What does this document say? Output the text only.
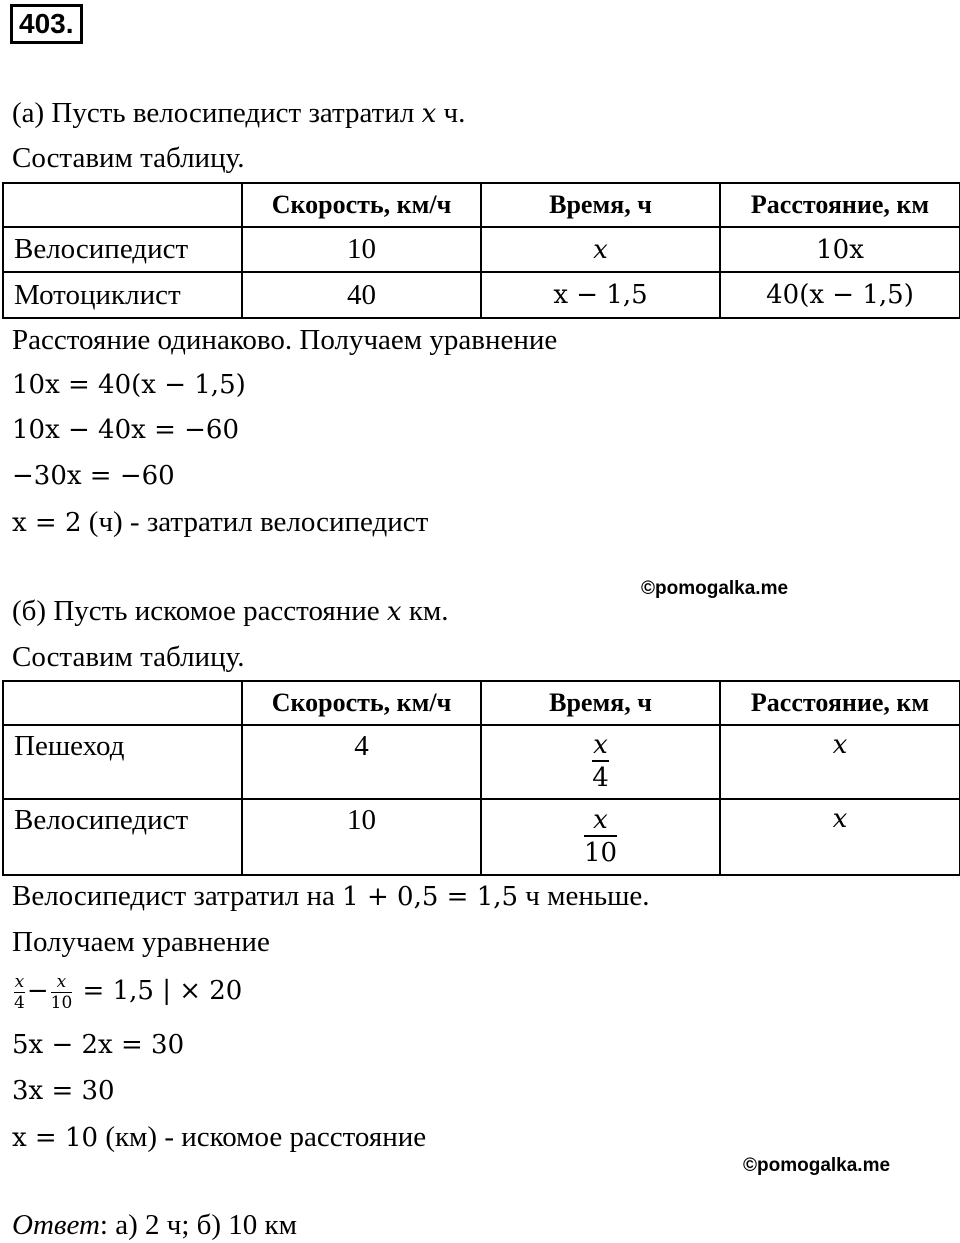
403.
(а) Пусть велосипедист затратил x ч.
Составим таблицу.
	Скорость, км/ч	Время, ч	Расстояние, км
Велосипедист	10	x	10x
Мотоциклист	40	x − 1,5	40(x − 1,5)
Расстояние одинаково. Получаем уравнение
10x = 40(x − 1,5)
10x − 40x = −60
−30x = −60
x = 2 (ч) - затратил велосипедист
©pomogalka.me
(б) Пусть искомое расстояние x км.
Составим таблицу.
	Скорость, км/ч	Время, ч	Расстояние, км
Пешеход	4	$\frac{x}{4}$	x
Велосипедист	10	$\frac{x}{10}$	x
Велосипедист затратил на 1 + 0,5 = 1,5 ч меньше.
Получаем уравнение
$\frac{x}{4} - \frac{x}{10} = 1,5$ | × 20
5x − 2x = 30
3x = 30
x = 10 (км) - искомое расстояние
©pomogalka.me
Ответ: а) 2 ч; б) 10 км
